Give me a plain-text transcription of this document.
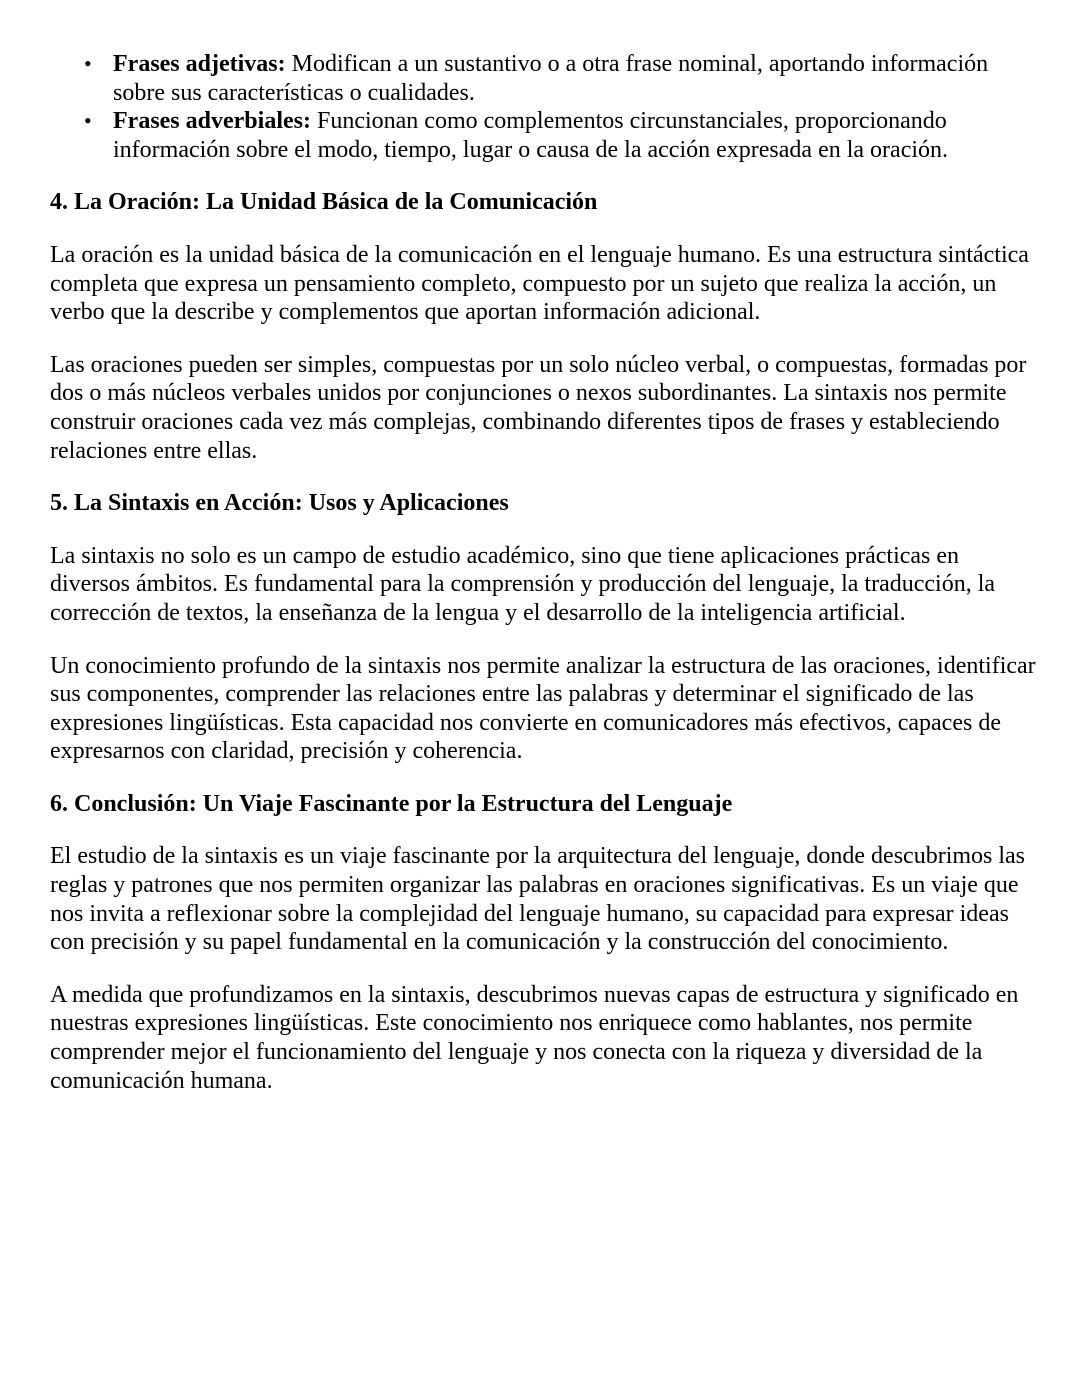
• Frases adjetivas: Modifican a un sustantivo o a otra frase nominal, aportando información sobre sus características o cualidades.
• Frases adverbiales: Funcionan como complementos circunstanciales, proporcionando información sobre el modo, tiempo, lugar o causa de la acción expresada en la oración.
4. La Oración: La Unidad Básica de la Comunicación

La oración es la unidad básica de la comunicación en el lenguaje humano. Es una estructura sintáctica completa que expresa un pensamiento completo, compuesto por un sujeto que realiza la acción, un verbo que la describe y complementos que aportan información adicional.

Las oraciones pueden ser simples, compuestas por un solo núcleo verbal, o compuestas, formadas por dos o más núcleos verbales unidos por conjunciones o nexos subordinantes. La sintaxis nos permite construir oraciones cada vez más complejas, combinando diferentes tipos de frases y estableciendo relaciones entre ellas.

5. La Sintaxis en Acción: Usos y Aplicaciones

La sintaxis no solo es un campo de estudio académico, sino que tiene aplicaciones prácticas en diversos ámbitos. Es fundamental para la comprensión y producción del lenguaje, la traducción, la corrección de textos, la enseñanza de la lengua y el desarrollo de la inteligencia artificial.

Un conocimiento profundo de la sintaxis nos permite analizar la estructura de las oraciones, identificar sus componentes, comprender las relaciones entre las palabras y determinar el significado de las expresiones lingüísticas. Esta capacidad nos convierte en comunicadores más efectivos, capaces de expresarnos con claridad, precisión y coherencia.

6. Conclusión: Un Viaje Fascinante por la Estructura del Lenguaje

El estudio de la sintaxis es un viaje fascinante por la arquitectura del lenguaje, donde descubrimos las reglas y patrones que nos permiten organizar las palabras en oraciones significativas. Es un viaje que nos invita a reflexionar sobre la complejidad del lenguaje humano, su capacidad para expresar ideas con precisión y su papel fundamental en la comunicación y la construcción del conocimiento.

A medida que profundizamos en la sintaxis, descubrimos nuevas capas de estructura y significado en nuestras expresiones lingüísticas. Este conocimiento nos enriquece como hablantes, nos permite comprender mejor el funcionamiento del lenguaje y nos conecta con la riqueza y diversidad de la comunicación humana.
